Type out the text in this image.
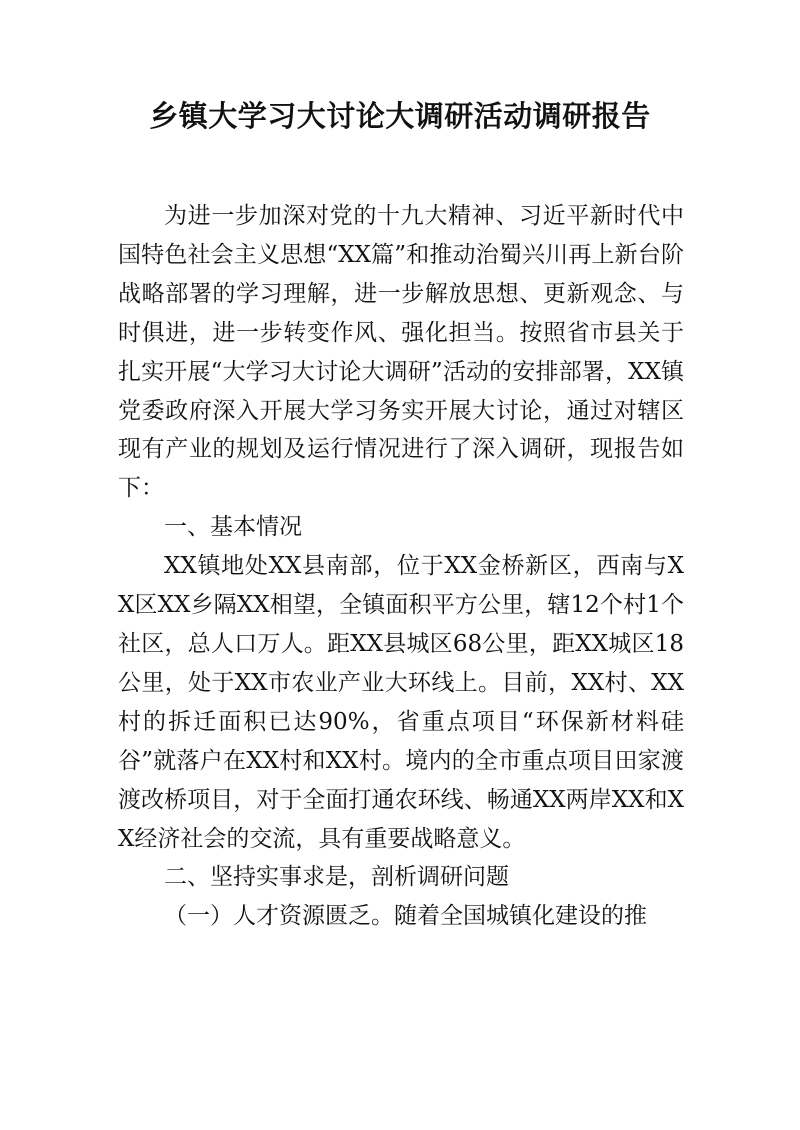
乡镇大学习大讨论大调研活动调研报告

为进一步加深对党的十九大精神、习近平新时代中国特色社会主义思想“XX篇”和推动治蜀兴川再上新台阶战略部署的学习理解，进一步解放思想、更新观念、与时俱进，进一步转变作风、强化担当。按照省市县关于扎实开展“大学习大讨论大调研”活动的安排部署，XX镇党委政府深入开展大学习务实开展大讨论，通过对辖区现有产业的规划及运行情况进行了深入调研，现报告如下：

一、基本情况

XX镇地处XX县南部，位于XX金桥新区，西南与XX区XX乡隔XX相望，全镇面积平方公里，辖12个村1个社区，总人口万人。距XX县城区68公里，距XX城区18公里，处于XX市农业产业大环线上。目前，XX村、XX村的拆迁面积已达90%，省重点项目“环保新材料硅谷”就落户在XX村和XX村。境内的全市重点项目田家渡渡改桥项目，对于全面打通农环线、畅通XX两岸XX和XX经济社会的交流，具有重要战略意义。

二、坚持实事求是，剖析调研问题

（一）人才资源匮乏。随着全国城镇化建设的推
